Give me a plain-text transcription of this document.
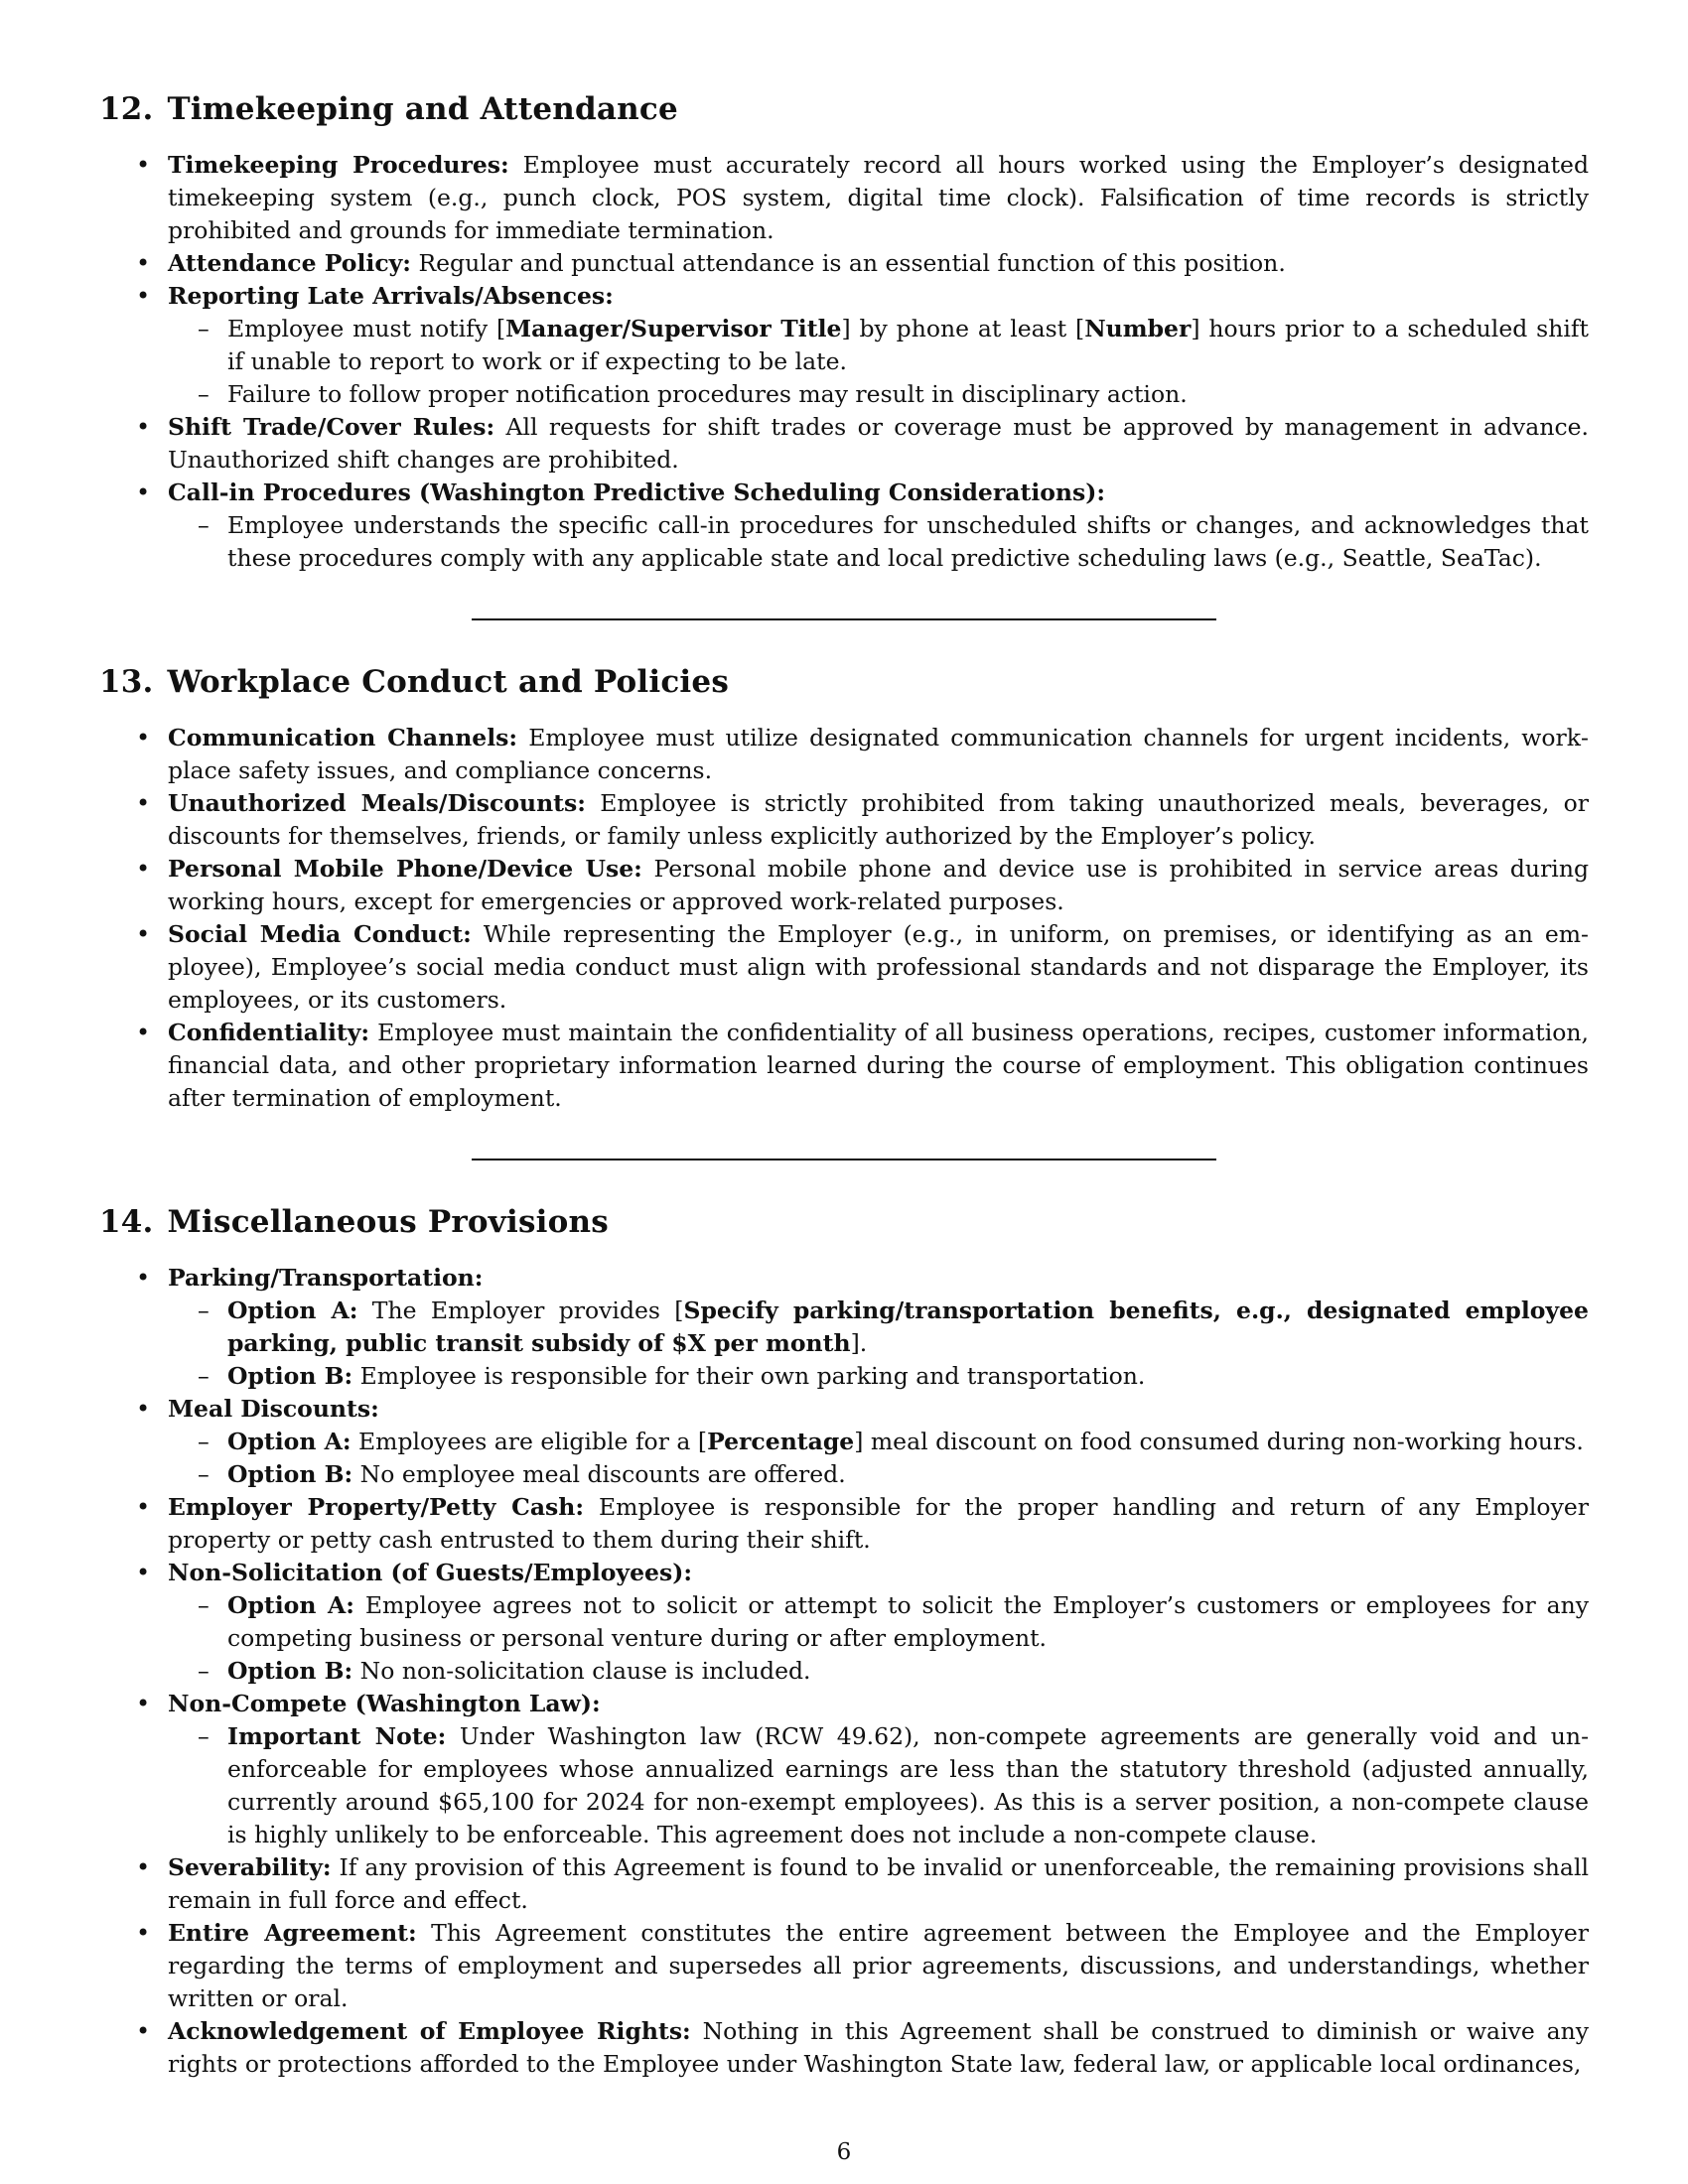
12. Timekeeping and Attendance
• Timekeeping Procedures: Employee must accurately record all hours worked using the Employer’s designated timekeeping system (e.g., punch clock, POS system, digital time clock). Falsification of time records is strictly prohibited and grounds for immediate termination.
• Attendance Policy: Regular and punctual attendance is an essential function of this position.
• Reporting Late Arrivals/Absences:
– Employee must notify [Manager/Supervisor Title] by phone at least [Number] hours prior to a scheduled shift if unable to report to work or if expecting to be late.
– Failure to follow proper notification procedures may result in disciplinary action.
• Shift Trade/Cover Rules: All requests for shift trades or coverage must be approved by management in advance. Unauthorized shift changes are prohibited.
• Call-in Procedures (Washington Predictive Scheduling Considerations):
– Employee understands the specific call-in procedures for unscheduled shifts or changes, and acknowledges that these procedures comply with any applicable state and local predictive scheduling laws (e.g., Seattle, SeaTac).
13. Workplace Conduct and Policies
• Communication Channels: Employee must utilize designated communication channels for urgent incidents, workplace safety issues, and compliance concerns.
• Unauthorized Meals/Discounts: Employee is strictly prohibited from taking unauthorized meals, beverages, or discounts for themselves, friends, or family unless explicitly authorized by the Employer’s policy.
• Personal Mobile Phone/Device Use: Personal mobile phone and device use is prohibited in service areas during working hours, except for emergencies or approved work-related purposes.
• Social Media Conduct: While representing the Employer (e.g., in uniform, on premises, or identifying as an employee), Employee’s social media conduct must align with professional standards and not disparage the Employer, its employees, or its customers.
• Confidentiality: Employee must maintain the confidentiality of all business operations, recipes, customer information, financial data, and other proprietary information learned during the course of employment. This obligation continues after termination of employment.
14. Miscellaneous Provisions
• Parking/Transportation:
– Option A: The Employer provides [Specify parking/transportation benefits, e.g., designated employee parking, public transit subsidy of $X per month].
– Option B: Employee is responsible for their own parking and transportation.
• Meal Discounts:
– Option A: Employees are eligible for a [Percentage] meal discount on food consumed during non-working hours.
– Option B: No employee meal discounts are offered.
• Employer Property/Petty Cash: Employee is responsible for the proper handling and return of any Employer property or petty cash entrusted to them during their shift.
• Non-Solicitation (of Guests/Employees):
– Option A: Employee agrees not to solicit or attempt to solicit the Employer’s customers or employees for any competing business or personal venture during or after employment.
– Option B: No non-solicitation clause is included.
• Non-Compete (Washington Law):
– Important Note: Under Washington law (RCW 49.62), non-compete agreements are generally void and unenforceable for employees whose annualized earnings are less than the statutory threshold (adjusted annually, currently around $65,100 for 2024 for non-exempt employees). As this is a server position, a non-compete clause is highly unlikely to be enforceable. This agreement does not include a non-compete clause.
• Severability: If any provision of this Agreement is found to be invalid or unenforceable, the remaining provisions shall remain in full force and effect.
• Entire Agreement: This Agreement constitutes the entire agreement between the Employee and the Employer regarding the terms of employment and supersedes all prior agreements, discussions, and understandings, whether written or oral.
• Acknowledgement of Employee Rights: Nothing in this Agreement shall be construed to diminish or waive any rights or protections afforded to the Employee under Washington State law, federal law, or applicable local ordinances,
6
